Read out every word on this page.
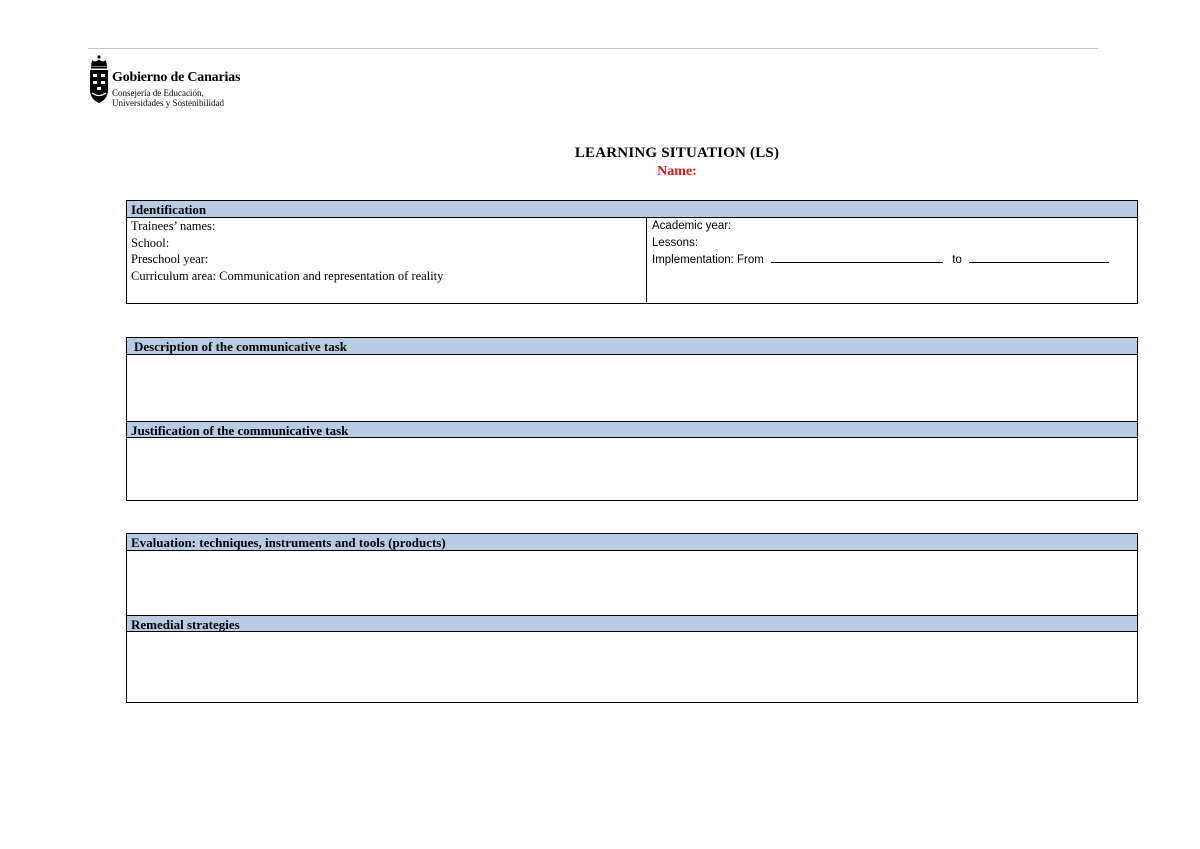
Gobierno de Canarias
Consejería de Educación,
Universidades y Sostenibilidad
LEARNING SITUATION (LS)
Name:
Identification
Trainees’ names:
School:
Preschool year:
Curriculum area: Communication and representation of reality
Academic year:
Lessons:
Implementation: From	to
Description of the communicative task
Justification of the communicative task
Evaluation: techniques, instruments and tools (products)
Remedial strategies
